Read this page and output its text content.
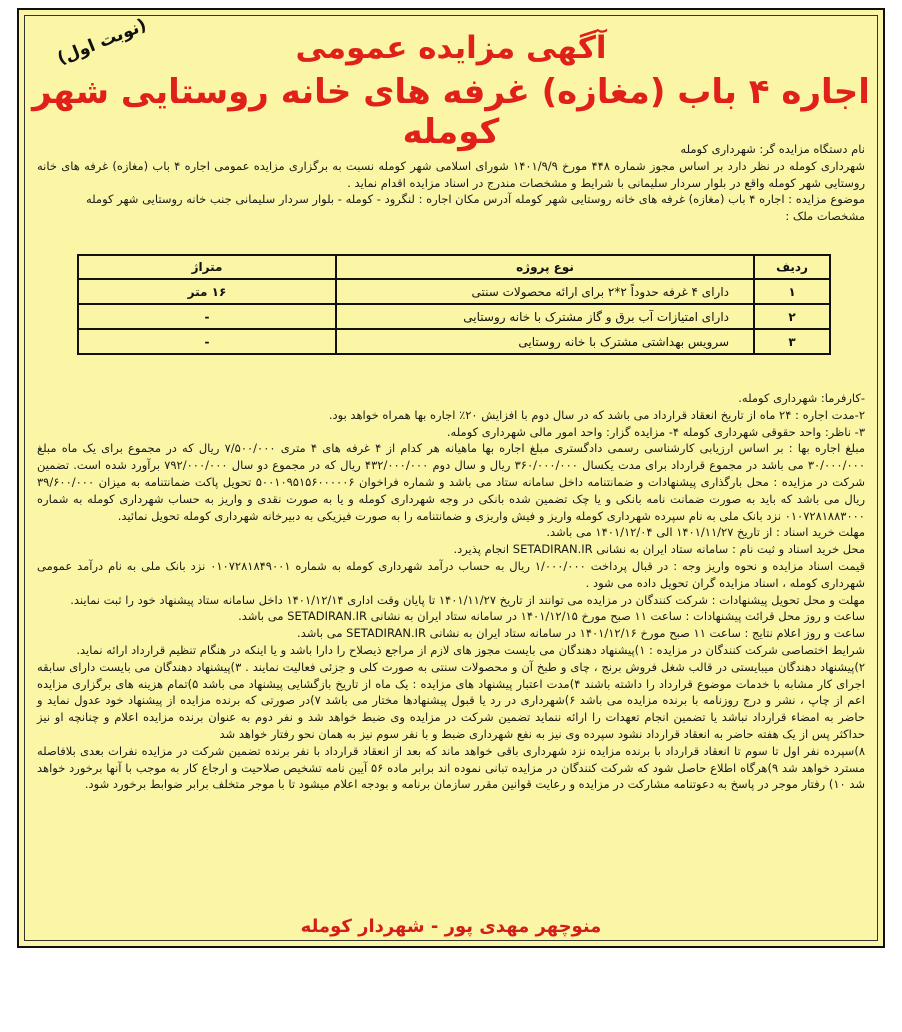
(نوبت اول)	آگهی مزایده عمومی
اجاره ۴ باب (مغازه) غرفه های خانه روستایی شهر کومله	نام دستگاه مزایده گر: شهرداری کومله

شهرداری کومله در نظر دارد بر اساس مجوز شماره ۴۴۸ مورخ ۱۴۰۱/۹/۹ شورای اسلامی شهر کومله نسبت به برگزاری مزایده عمومی اجاره ۴ باب (مغازه) غرفه های خانه روستایی شهر کومله واقع در بلوار سردار سلیمانی با شرایط و مشخصات مندرج در اسناد مزایده اقدام نماید .

موضوع مزایده : اجاره ۴ باب (مغازه) غرفه های خانه روستایی شهر کومله آدرس مکان اجاره : لنگرود - کومله - بلوار سردار سلیمانی جنب خانه روستایی شهر کومله

مشخصات ملک :

ردیف	نوع پروژه	متراژ
۱	دارای ۴ غرفه حدوداً ۲*۲ برای ارائه محصولات سنتی	۱۶ متر
۲	دارای امتیازات آب برق و گاز مشترک با خانه روستایی	-
۳	سرویس بهداشتی مشترک با خانه روستایی	-

-کارفرما: شهرداری کومله.

۲-مدت اجاره : ۲۴ ماه از تاریخ انعقاد قرارداد می باشد که در سال دوم با افزایش ۲۰٪ اجاره بها همراه خواهد بود.

۳- ناظر: واحد حقوقی شهرداری کومله ۴- مزایده گزار: واحد امور مالی شهرداری کومله.

مبلغ اجاره بها : بر اساس ارزیابی کارشناسی رسمی دادگستری مبلغ اجاره بها ماهیانه هر کدام از ۴ غرفه های ۴ متری ۷/۵۰۰/۰۰۰ ریال که در مجموع برای یک ماه مبلغ ۳۰/۰۰۰/۰۰۰ می باشد در مجموع قرارداد برای مدت یکسال ۳۶۰/۰۰۰/۰۰۰ ریال و سال دوم ۴۳۲/۰۰۰/۰۰۰ ریال که در مجموع دو سال ۷۹۲/۰۰۰/۰۰۰ برآورد شده است. تضمین شرکت در مزایده : محل بارگذاری پیشنهادات و ضمانتنامه داخل سامانه ستاد می باشد و شماره فراخوان ۵۰۰۱۰۹۵۱۵۶۰۰۰۰۰۶ تحویل پاکت ضمانتنامه به میزان ۳۹/۶۰۰/۰۰۰ ریال می باشد که باید به صورت ضمانت نامه بانکی و یا چک تضمین شده بانکی در وجه شهرداری کومله و یا به صورت نقدی و واریز به حساب شهرداری کومله به شماره ۰۱۰۷۲۸۱۸۸۳۰۰۰ نزد بانک ملی به نام سپرده شهرداری کومله واریز و فیش واریزی و ضمانتنامه را به صورت فیزیکی به دبیرخانه شهرداری کومله تحویل نمائید.

مهلت خرید اسناد : از تاریخ ۱۴۰۱/۱۱/۲۷ الی ۱۴۰۱/۱۲/۰۴ می باشد.

محل خرید اسناد و ثبت نام : سامانه ستاد ایران به نشانی SETADIRAN.IR انجام پذیرد.

قیمت اسناد مزایده و نحوه واریز وجه : در قبال پرداخت ۱/۰۰۰/۰۰۰ ریال به حساب درآمد شهرداری کومله به شماره ۰۱۰۷۲۸۱۸۴۹۰۰۱ نزد بانک ملی به نام درآمد عمومی شهرداری کومله ، اسناد مزایده گران تحویل داده می شود .

مهلت و محل تحویل پیشنهادات : شرکت کنندگان در مزایده می توانند از تاریخ ۱۴۰۱/۱۱/۲۷ تا پایان وقت اداری ۱۴۰۱/۱۲/۱۴ داخل سامانه ستاد پیشنهاد خود را ثبت نمایند.

ساعت و روز محل قرائت پیشنهادات : ساعت ۱۱ صبح مورخ ۱۴۰۱/۱۲/۱۵ در سامانه ستاد ایران به نشانی SETADIRAN.IR می باشد.

ساعت و روز اعلام نتایج : ساعت ۱۱ صبح مورخ ۱۴۰۱/۱۲/۱۶ در سامانه ستاد ایران به نشانی SETADIRAN.IR می باشد.

شرایط اختصاصی شرکت کنندگان در مزایده : ۱)پیشنهاد دهندگان می بایست مجوز های لازم از مراجع ذیصلاح را دارا باشد و یا اینکه در هنگام تنظیم قرارداد ارائه نماید.

۲)پیشنهاد دهندگان میبایستی در قالب شغل فروش برنج ، چای و طبخ آن و محصولات سنتی به صورت کلی و جزئی فعالیت نمایند . ۳)پیشنهاد دهندگان می بایست دارای سابقه اجرای کار مشابه با خدمات موضوع قرارداد را داشته باشند ۴)مدت اعتبار پیشنهاد های مزایده : یک ماه از تاریخ بازگشایی پیشنهاد می باشد ۵)تمام هزینه های برگزاری مزایده اعم از چاپ ، نشر و درج روزنامه با برنده مزایده می باشد ۶)شهرداری در رد یا قبول پیشنهادها مختار می باشد ۷)در صورتی که برنده مزایده از پیشنهاد خود عدول نماید و حاضر به امضاء قرارداد نباشد یا تضمین انجام تعهدات را ارائه ننماید تضمین شرکت در مزایده وی ضبط خواهد شد و نفر دوم به عنوان برنده مزایده اعلام و چنانچه او نیز حداکثر پس از یک هفته حاضر به انعقاد قرارداد نشود سپرده وی نیز به نفع شهرداری ضبط و با نفر سوم نیز به همان نحو رفتار خواهد شد

۸)سپرده نفر اول تا سوم تا انعقاد قرارداد با برنده مزایده نزد شهرداری باقی خواهد ماند که بعد از انعقاد قرارداد با نفر برنده تضمین شرکت در مزایده نفرات بعدی بلافاصله مسترد خواهد شد ۹)هرگاه اطلاع حاصل شود که شرکت کنندگان در مزایده تبانی نموده اند برابر ماده ۵۶ آیین نامه تشخیص صلاحیت و ارجاع کار به موجب با آنها برخورد خواهد شد ۱۰) رفتار موجر در پاسخ به دعوتنامه مشارکت در مزایده و رعایت قوانین مقرر سازمان برنامه و بودجه اعلام میشود تا با موجر متخلف برابر ضوابط برخورد شود.

منوچهر مهدی پور - شهردار کومله
